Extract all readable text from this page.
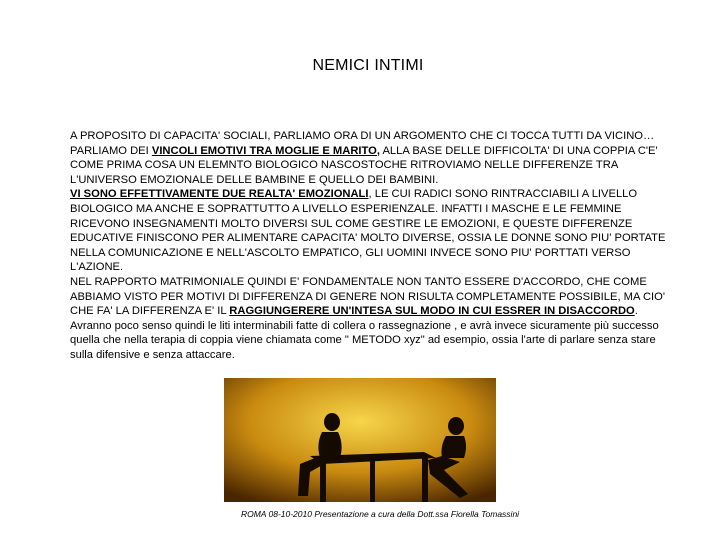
NEMICI INTIMI

A PROPOSITO DI CAPACITA' SOCIALI, PARLIAMO ORA DI UN ARGOMENTO CHE CI TOCCA TUTTI DA VICINO…PARLIAMO DEI VINCOLI EMOTIVI TRA MOGLIE E MARITO, ALLA BASE DELLE DIFFICOLTA' DI UNA COPPIA C'E' COME PRIMA COSA UN ELEMNTO BIOLOGICO NASCOSTOCHE RITROVIAMO NELLE DIFFERENZE TRA L'UNIVERSO EMOZIONALE DELLE BAMBINE E QUELLO DEI BAMBINI.

VI SONO EFFETTIVAMENTE DUE REALTA' EMOZIONALI, LE CUI RADICI SONO RINTRACCIABILI A LIVELLO BIOLOGICO MA ANCHE E SOPRATTUTTO A LIVELLO ESPERIENZALE. INFATTI I MASCHE E LE FEMMINE RICEVONO INSEGNAMENTI MOLTO DIVERSI SUL COME GESTIRE LE EMOZIONI, E QUESTE DIFFERENZE EDUCATIVE FINISCONO PER ALIMENTARE CAPACITA' MOLTO DIVERSE, OSSIA LE DONNE SONO PIU' PORTATE NELLA COMUNICAZIONE E NELL'ASCOLTO EMPATICO, GLI UOMINI INVECE SONO PIU' PORTTATI VERSO L'AZIONE.

NEL RAPPORTO MATRIMONIALE QUINDI E' FONDAMENTALE NON TANTO ESSERE D'ACCORDO, CHE COME ABBIAMO VISTO PER MOTIVI DI DIFFERENZA DI GENERE NON RISULTA COMPLETAMENTE POSSIBILE, MA CIO' CHE FA' LA DIFFERENZA E' IL RAGGIUNGERERE UN'INTESA SUL MODO IN CUI ESSRER IN DISACCORDO. Avranno poco senso quindi le liti interminabili fatte di collera o rassegnazione , e avrà invece sicuramente più successo quella che nella terapia di coppia viene chiamata come " METODO xyz" ad esempio, ossia l'arte di parlare senza stare sulla difensive e senza attaccare.

ROMA 08-10-2010 Presentazione a cura della Dott.ssa Fiorella Tomassini
